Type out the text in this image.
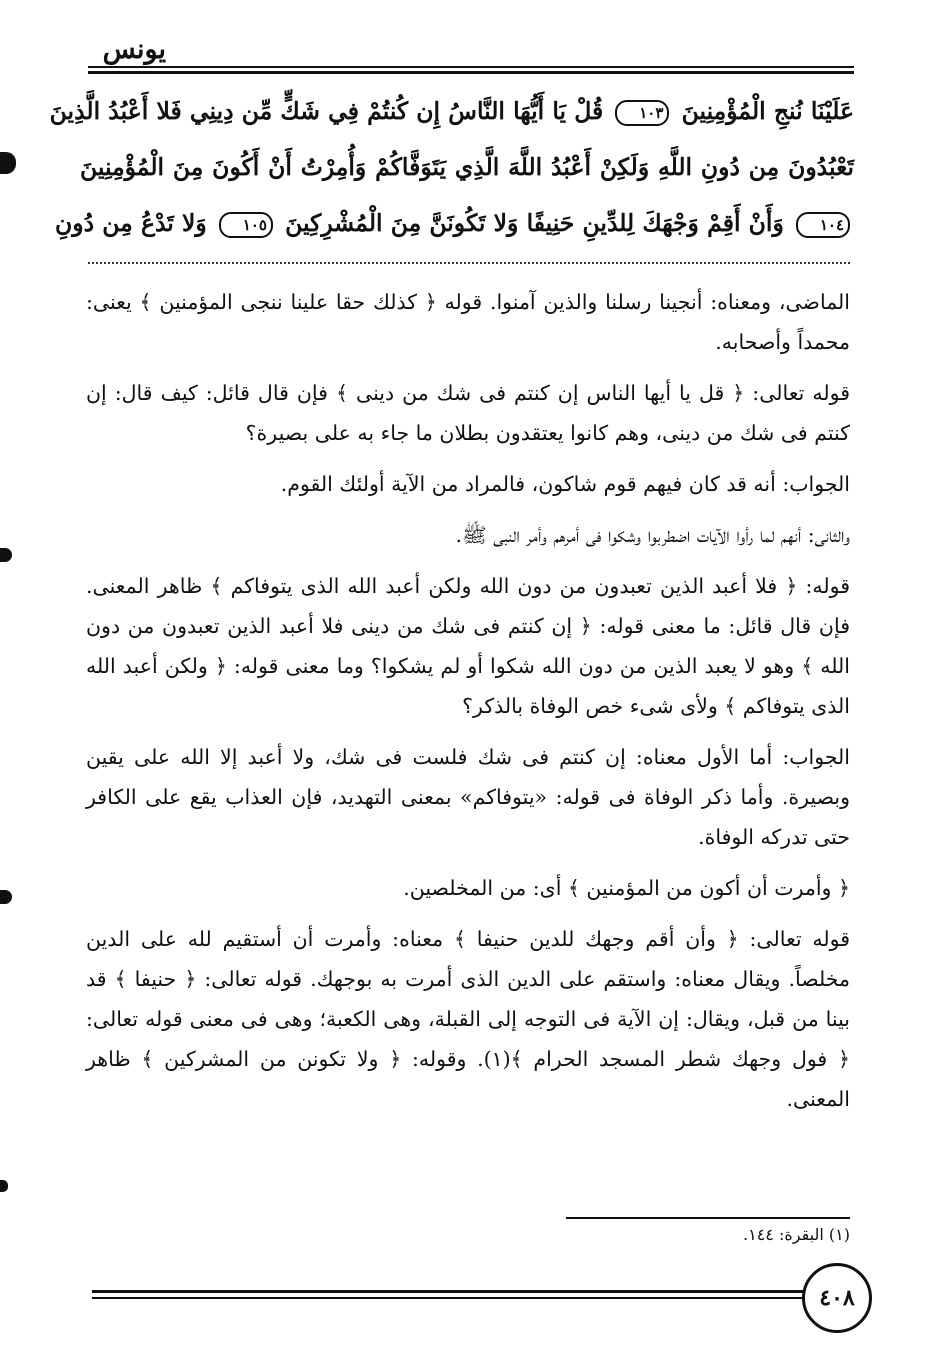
يونس
عَلَيْنَا نُنجِ الْمُؤْمِنِينَ ١٠٣ قُلْ يَا أَيُّهَا النَّاسُ إِن كُنتُمْ فِي شَكٍّ مِّن دِينِي فَلا أَعْبُدُ الَّذِينَ
تَعْبُدُونَ مِن دُونِ اللَّهِ وَلَكِنْ أَعْبُدُ اللَّهَ الَّذِي يَتَوَفَّاكُمْ وَأُمِرْتُ أَنْ أَكُونَ مِنَ الْمُؤْمِنِينَ
١٠٤ وَأَنْ أَقِمْ وَجْهَكَ لِلدِّينِ حَنِيفًا وَلا تَكُونَنَّ مِنَ الْمُشْرِكِينَ ١٠٥ وَلا تَدْعُ مِن دُونِ

الماضى، ومعناه: أنجينا رسلنا والذين آمنوا. قوله ﴿ كذلك حقا علينا ننجى المؤمنين ﴾ يعنى: محمداً وأصحابه.

قوله تعالى: ﴿ قل يا أيها الناس إن كنتم فى شك من دينى ﴾ فإن قال قائل: كيف قال: إن كنتم فى شك من دينى، وهم كانوا يعتقدون بطلان ما جاء به على بصيرة؟

الجواب: أنه قد كان فيهم قوم شاكون، فالمراد من الآية أولئك القوم.

والثانى: أنهم لما رأوا الآيات اضطربوا وشكوا فى أمرهم وأمر النبى ﷺ.

قوله: ﴿ فلا أعبد الذين تعبدون من دون الله ولكن أعبد الله الذى يتوفاكم ﴾ ظاهر المعنى. فإن قال قائل: ما معنى قوله: ﴿ إن كنتم فى شك من دينى فلا أعبد الذين تعبدون من دون الله ﴾ وهو لا يعبد الذين من دون الله شكوا أو لم يشكوا؟ وما معنى قوله: ﴿ ولكن أعبد الله الذى يتوفاكم ﴾ ولأى شىء خص الوفاة بالذكر؟

الجواب: أما الأول معناه: إن كنتم فى شك فلست فى شك، ولا أعبد إلا الله على يقين وبصيرة. وأما ذكر الوفاة فى قوله: «يتوفاكم» بمعنى التهديد، فإن العذاب يقع على الكافر حتى تدركه الوفاة.

﴿ وأمرت أن أكون من المؤمنين ﴾ أى: من المخلصين.

قوله تعالى: ﴿ وأن أقم وجهك للدين حنيفا ﴾ معناه: وأمرت أن أستقيم لله على الدين مخلصاً. ويقال معناه: واستقم على الدين الذى أمرت به بوجهك. قوله تعالى: ﴿ حنيفا ﴾ قد بينا من قبل، ويقال: إن الآية فى التوجه إلى القبلة، وهى الكعبة؛ وهى فى معنى قوله تعالى: ﴿ فول وجهك شطر المسجد الحرام ﴾(١). وقوله: ﴿ ولا تكونن من المشركين ﴾ ظاهر المعنى.

(١) البقرة: ١٤٤.
٤٠٨
